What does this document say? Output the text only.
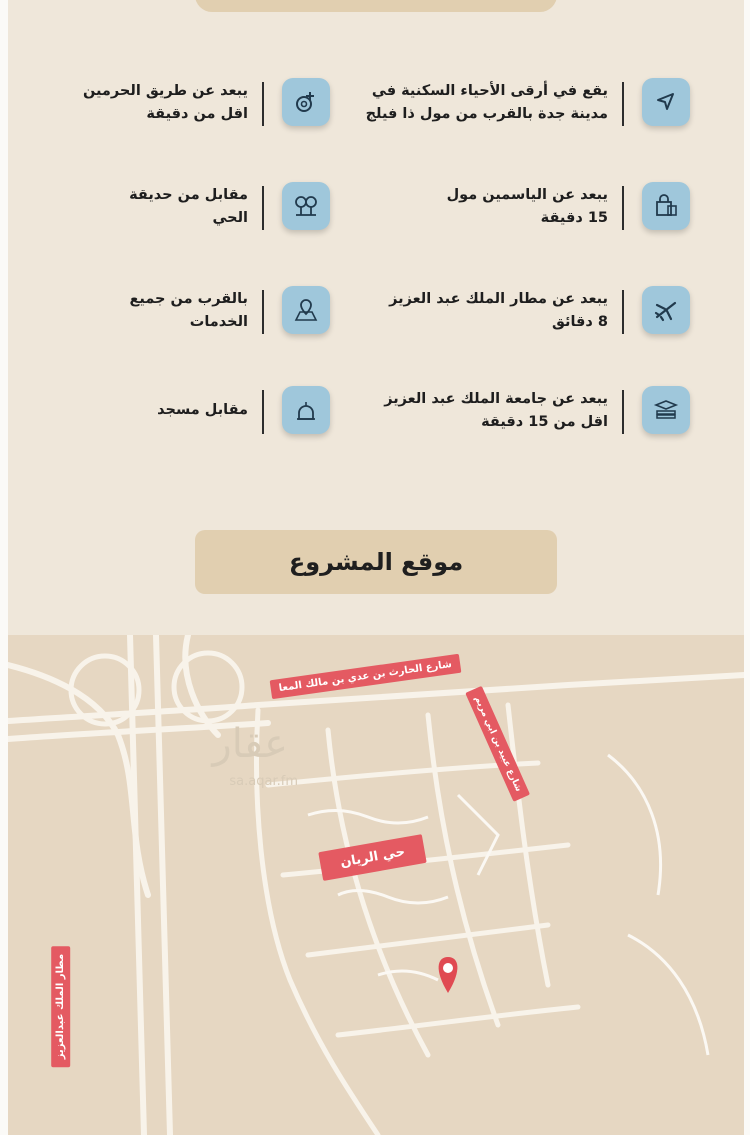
يقع في أرقى الأحياء السكنية في
مدينة جدة بالقرب من مول ذا فيلج
يبعد عن طريق الحرمين
اقل من دقيقة
يبعد عن الياسمين مول
15 دقيقة
مقابل من حديقة
الحي
يبعد عن مطار الملك عبد العزيز
8 دقائق
بالقرب من جميع
الخدمات
يبعد عن جامعة الملك عبد العزيز
اقل من 15 دقيقة
مقابل مسجد
موقع المشروع
عقار
sa.aqar.fm
شارع الحارث بن عدي بن مالك المعا
شارع عبيد بن ابي مريم
حي الريان
مطار الملك عبدالعزيز
